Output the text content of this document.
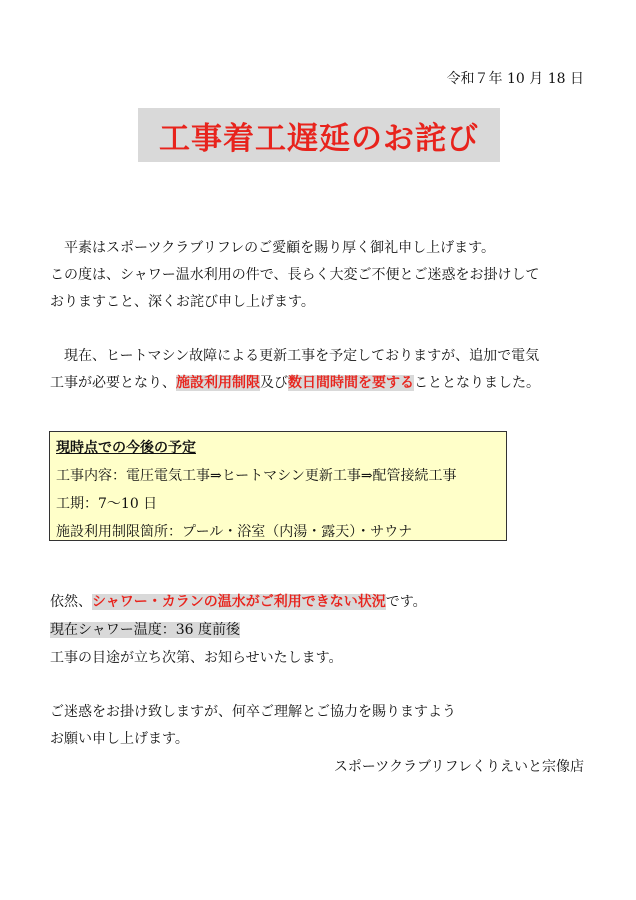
令和７年 10 月 18 日
工事着工遅延のお詫び
平素はスポーツクラブリフレのご愛顧を賜り厚く御礼申し上げます。
この度は、シャワー温水利用の件で、長らく大変ご不便とご迷惑をお掛けして
おりますこと、深くお詫び申し上げます。
現在、ヒートマシン故障による更新工事を予定しておりますが、追加で電気
工事が必要となり、施設利用制限及び数日間時間を要することとなりました。
現時点での今後の予定
工事内容：電圧電気工事⇒ヒートマシン更新工事⇒配管接続工事
工期：7～10 日
施設利用制限箇所：プール・浴室（内湯・露天）・サウナ
依然、シャワー・カランの温水がご利用できない状況です。
現在シャワー温度：36 度前後
工事の目途が立ち次第、お知らせいたします。
ご迷惑をお掛け致しますが、何卒ご理解とご協力を賜りますよう
お願い申し上げます。
スポーツクラブリフレくりえいと宗像店
